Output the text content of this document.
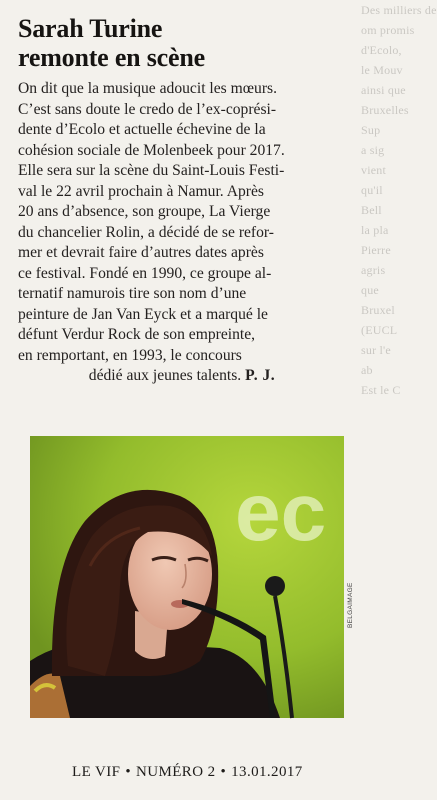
Des milliers de
om promis
d'Ecolo,
le Mouv
ainsi que
Bruxelles
Sup
a sig
vient
qu'il
Bell
la pla
Pierre
agris
que
Bruxel
(EUCL
sur l'e
ab
Est le C
Sarah Turine
remonte en scène

On dit que la musique adoucit les mœurs.

C’est sans doute le credo de l’ex-coprési-

dente d’Ecolo et actuelle échevine de la

cohésion sociale de Molenbeek pour 2017.

Elle sera sur la scène du Saint-Louis Festi-

val le 22 avril prochain à Namur. Après

20 ans d’absence, son groupe, La Vierge

du chancelier Rolin, a décidé de se refor-

mer et devrait faire d’autres dates après

ce festival. Fondé en 1990, ce groupe al-

ternatif namurois tire son nom d’une

peinture de Jan Van Eyck et a marqué le

défunt Verdur Rock de son empreinte,

en remportant, en 1993, le concours

dédié aux jeunes talents. P. J.

ec
BELGAIMAGE
LE VIF • NUMÉRO 2 • 13.01.2017
